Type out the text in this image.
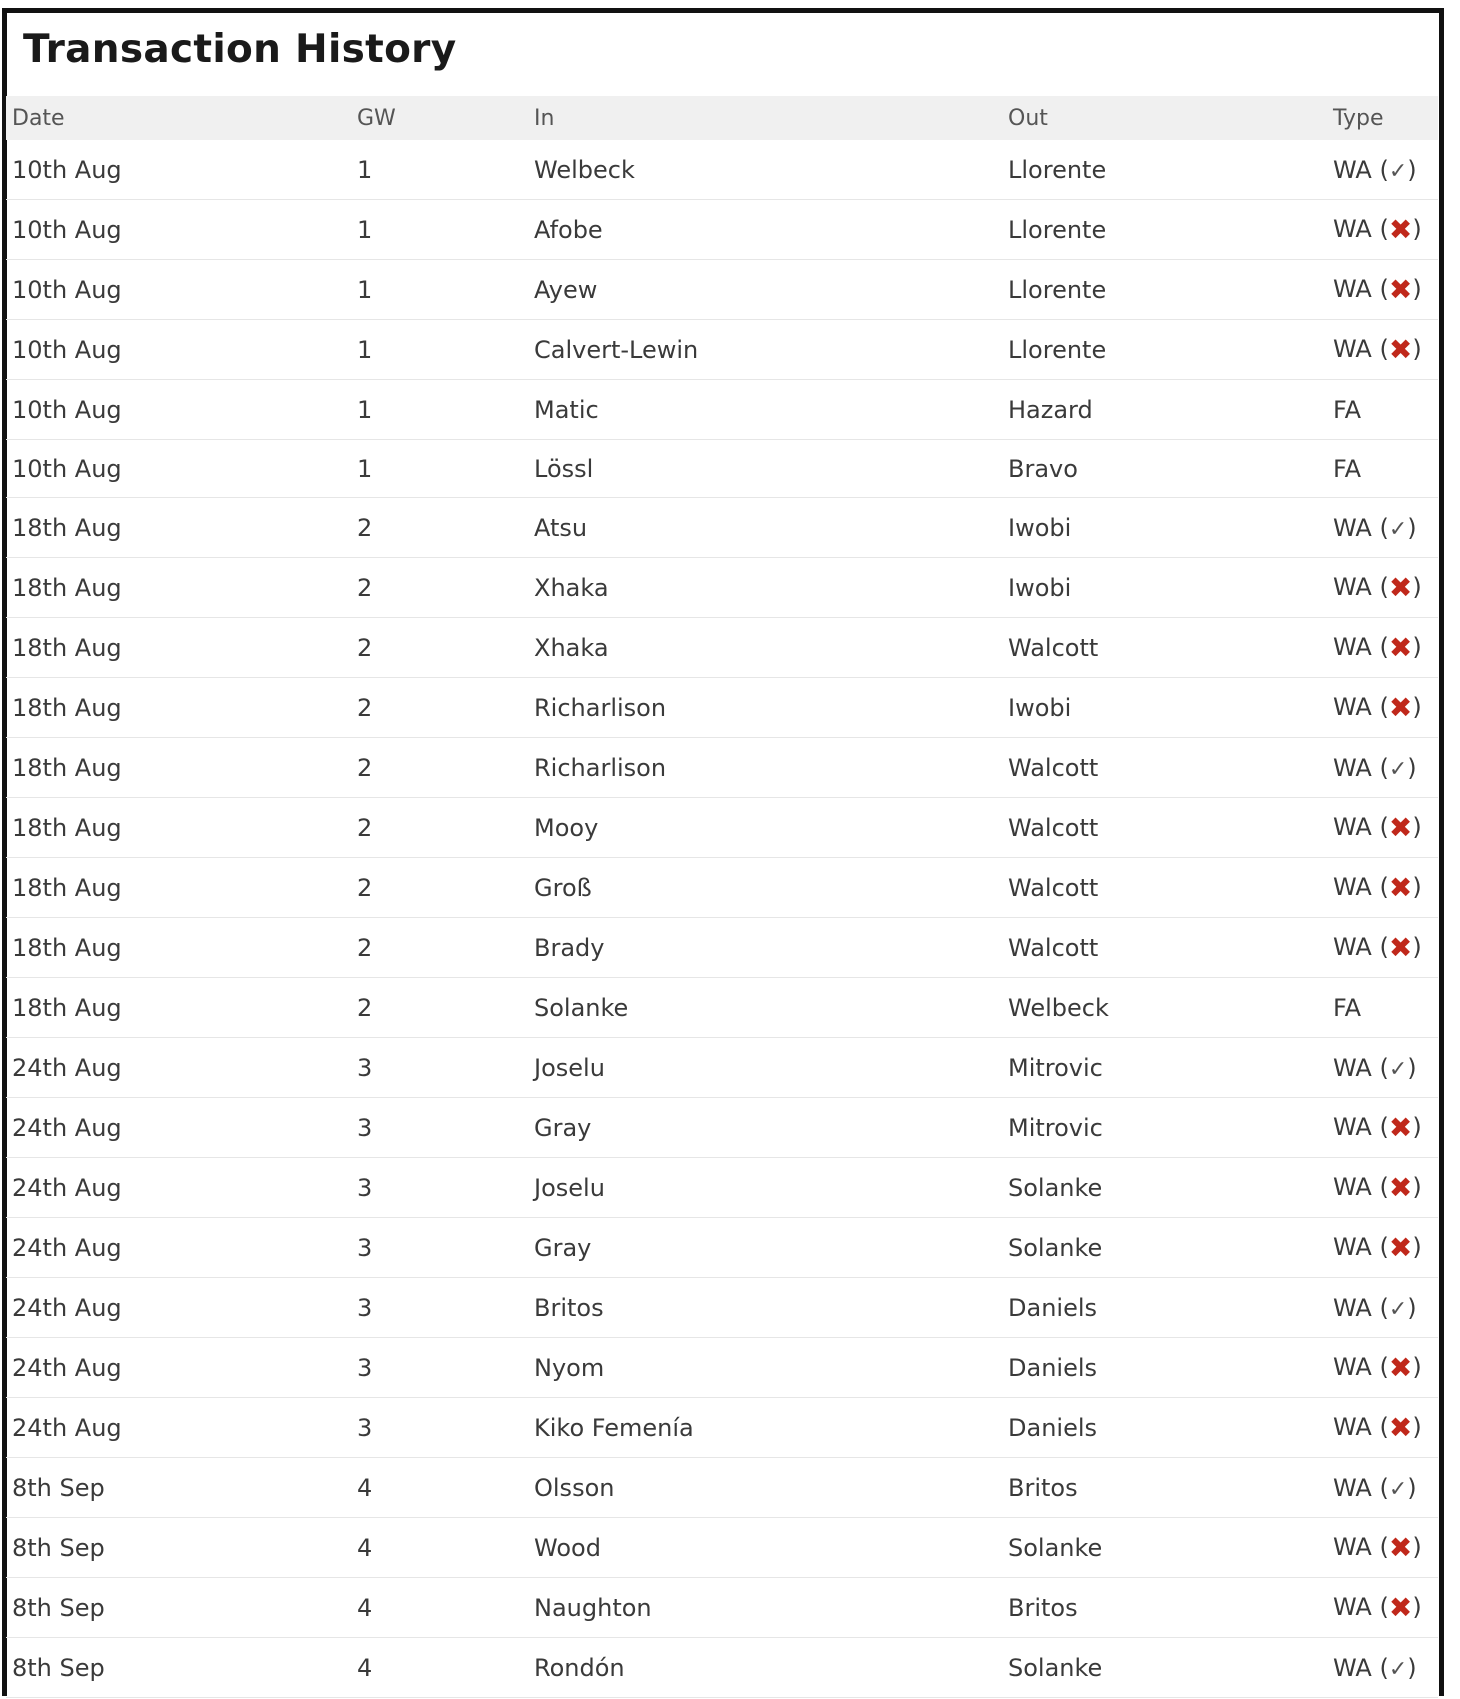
Transaction History
Date	GW	In	Out	Type
10th Aug	1	Welbeck	Llorente	WA (✓)
10th Aug	1	Afobe	Llorente	WA (✖)
10th Aug	1	Ayew	Llorente	WA (✖)
10th Aug	1	Calvert-Lewin	Llorente	WA (✖)
10th Aug	1	Matic	Hazard	FA
10th Aug	1	Lössl	Bravo	FA
18th Aug	2	Atsu	Iwobi	WA (✓)
18th Aug	2	Xhaka	Iwobi	WA (✖)
18th Aug	2	Xhaka	Walcott	WA (✖)
18th Aug	2	Richarlison	Iwobi	WA (✖)
18th Aug	2	Richarlison	Walcott	WA (✓)
18th Aug	2	Mooy	Walcott	WA (✖)
18th Aug	2	Groß	Walcott	WA (✖)
18th Aug	2	Brady	Walcott	WA (✖)
18th Aug	2	Solanke	Welbeck	FA
24th Aug	3	Joselu	Mitrovic	WA (✓)
24th Aug	3	Gray	Mitrovic	WA (✖)
24th Aug	3	Joselu	Solanke	WA (✖)
24th Aug	3	Gray	Solanke	WA (✖)
24th Aug	3	Britos	Daniels	WA (✓)
24th Aug	3	Nyom	Daniels	WA (✖)
24th Aug	3	Kiko Femenía	Daniels	WA (✖)
8th Sep	4	Olsson	Britos	WA (✓)
8th Sep	4	Wood	Solanke	WA (✖)
8th Sep	4	Naughton	Britos	WA (✖)
8th Sep	4	Rondón	Solanke	WA (✓)
